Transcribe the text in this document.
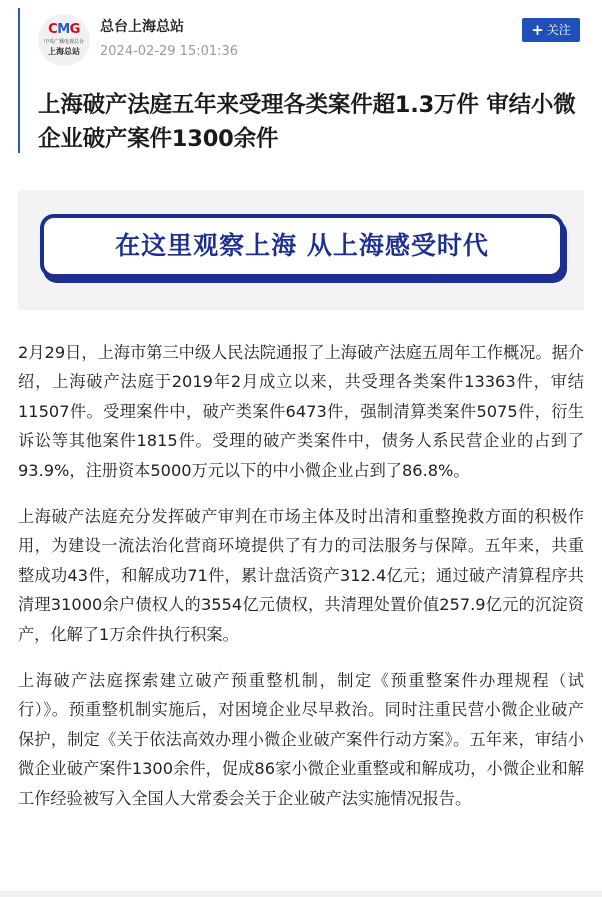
CMG
中央广播电视总台
上海总站
总台上海总站
2024-02-29 15:01:36
+ 关注
上海破产法庭五年来受理各类案件超1.3万件 审结小微企业破产案件1300余件
在这里观察上海 从上海感受时代

2月29日，上海市第三中级人民法院通报了上海破产法庭五周年工作概况。据介绍，上海破产法庭于2019年2月成立以来，共受理各类案件13363件，审结11507件。受理案件中，破产类案件6473件，强制清算类案件5075件，衍生诉讼等其他案件1815件。受理的破产类案件中，债务人系民营企业的占到了93.9%，注册资本5000万元以下的中小微企业占到了86.8%。

上海破产法庭充分发挥破产审判在市场主体及时出清和重整挽救方面的积极作用，为建设一流法治化营商环境提供了有力的司法服务与保障。五年来，共重整成功43件，和解成功71件，累计盘活资产312.4亿元；通过破产清算程序共清理31000余户债权人的3554亿元债权，共清理处置价值257.9亿元的沉淀资产，化解了1万余件执行积案。

上海破产法庭探索建立破产预重整机制，制定《预重整案件办理规程（试行）》。预重整机制实施后，对困境企业尽早救治。同时注重民营小微企业破产保护，制定《关于依法高效办理小微企业破产案件行动方案》。五年来，审结小微企业破产案件1300余件，促成86家小微企业重整或和解成功，小微企业和解工作经验被写入全国人大常委会关于企业破产法实施情况报告。
